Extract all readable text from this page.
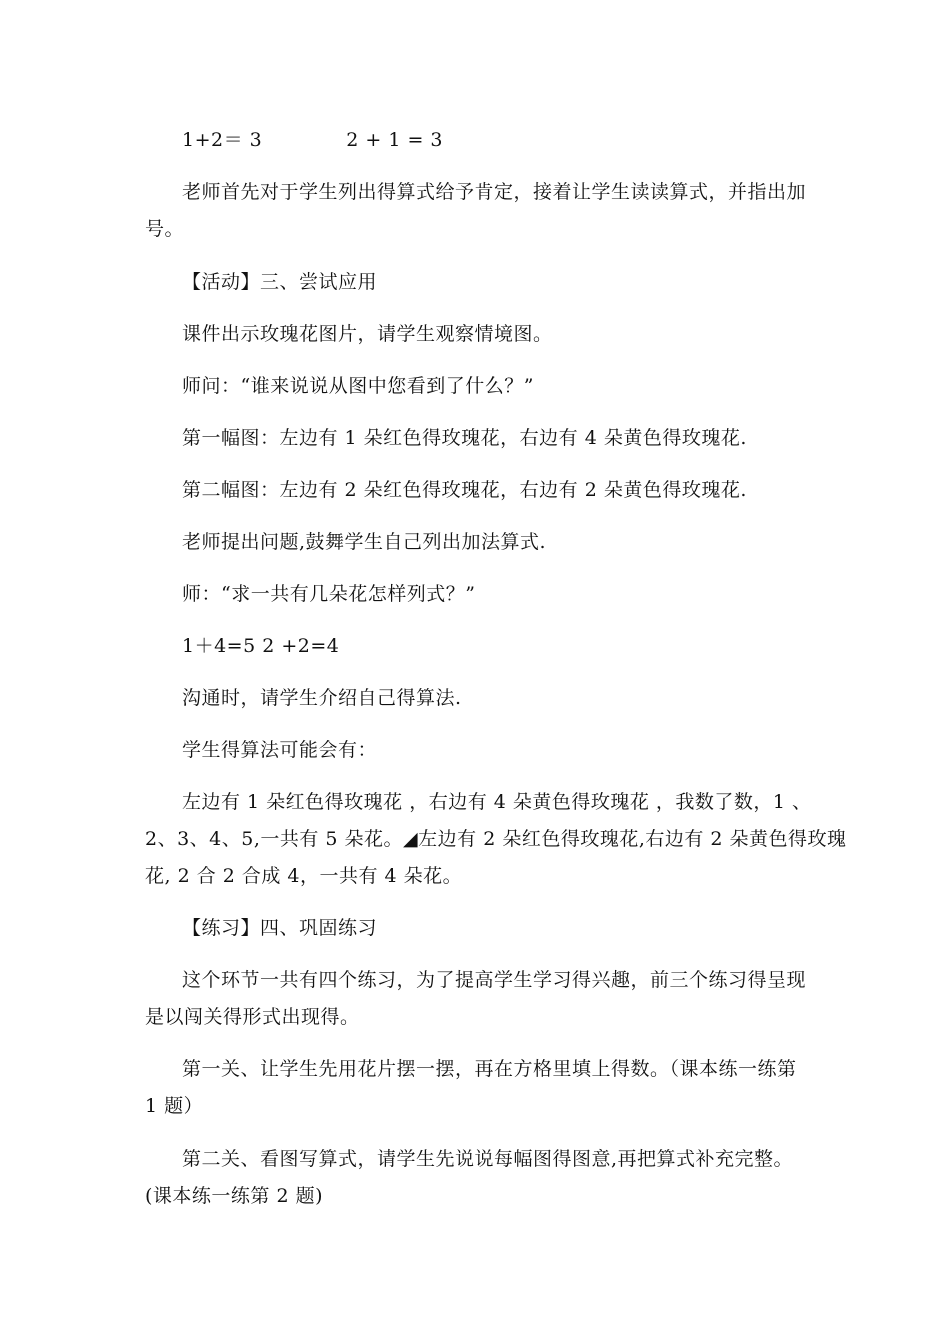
1+2＝ 3	2 + 1 = 3
老师首先对于学生列出得算式给予肯定，接着让学生读读算式，并指出加
号。
【活动】三、尝试应用
课件出示玫瑰花图片，请学生观察情境图。
师问：“谁来说说从图中您看到了什么？”
第一幅图：左边有 1 朵红色得玫瑰花，右边有 4 朵黄色得玫瑰花.
第二幅图：左边有 2 朵红色得玫瑰花，右边有 2 朵黄色得玫瑰花.
老师提出问题,鼓舞学生自己列出加法算式.
师：“求一共有几朵花怎样列式？”
1＋4=5 2 +2=4
沟通时，请学生介绍自己得算法.
学生得算法可能会有：
左边有 1 朵红色得玫瑰花 ，右边有 4 朵黄色得玫瑰花 ，我数了数，1 、
2、3、4、5,一共有 5 朵花。◢左边有 2 朵红色得玫瑰花,右边有 2 朵黄色得玫瑰
花, 2 合 2 合成 4，一共有 4 朵花。
【练习】四、巩固练习
这个环节一共有四个练习，为了提高学生学习得兴趣，前三个练习得呈现
是以闯关得形式出现得。
第一关、让学生先用花片摆一摆，再在方格里填上得数。（课本练一练第
1 题）
第二关、看图写算式，请学生先说说每幅图得图意,再把算式补充完整。
(课本练一练第 2 题)
